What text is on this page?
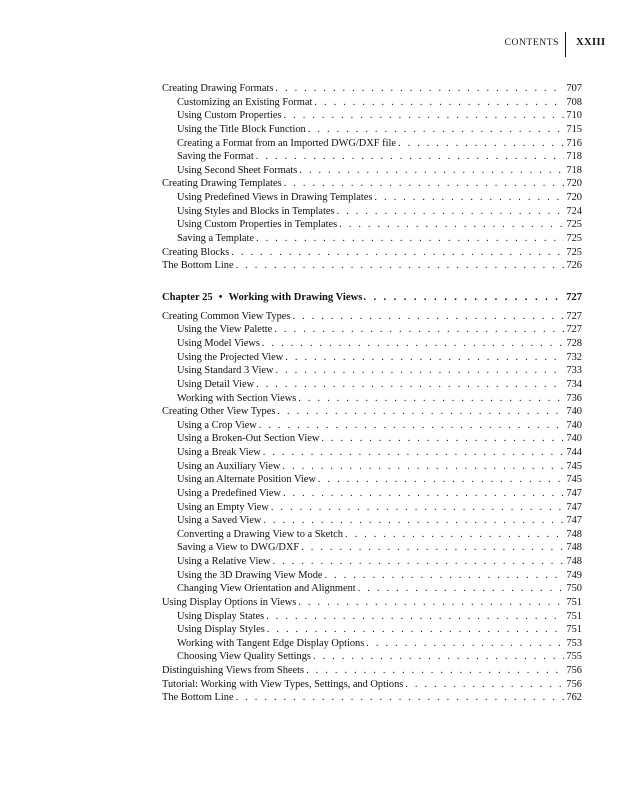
CONTENTS XXIII
Creating Drawing Formats . . .	707
Customizing an Existing Format . . .	708
Using Custom Properties . . .	710
Using the Title Block Function . . .	715
Creating a Format from an Imported DWG/DXF file . . .	716
Saving the Format . . .	718
Using Second Sheet Formats . . .	718
Creating Drawing Templates . . .	720
Using Predefined Views in Drawing Templates . . .	720
Using Styles and Blocks in Templates . . .	724
Using Custom Properties in Templates . . .	725
Saving a Template . . .	725
Creating Blocks . . .	725
The Bottom Line . . .	726
Chapter 25 • Working with Drawing Views . . .	727
Creating Common View Types . . .	727
Using the View Palette . . .	727
Using Model Views . . .	728
Using the Projected View . . .	732
Using Standard 3 View . . .	733
Using Detail View . . .	734
Working with Section Views . . .	736
Creating Other View Types . . .	740
Using a Crop View . . .	740
Using a Broken-Out Section View . . .	740
Using a Break View . . .	744
Using an Auxiliary View . . .	745
Using an Alternate Position View . . .	745
Using a Predefined View . . .	747
Using an Empty View . . .	747
Using a Saved View . . .	747
Converting a Drawing View to a Sketch . . .	748
Saving a View to DWG/DXF . . .	748
Using a Relative View . . .	748
Using the 3D Drawing View Mode . . .	749
Changing View Orientation and Alignment . . .	750
Using Display Options in Views . . .	751
Using Display States . . .	751
Using Display Styles . . .	751
Working with Tangent Edge Display Options . . .	753
Choosing View Quality Settings . . .	755
Distinguishing Views from Sheets . . .	756
Tutorial: Working with View Types, Settings, and Options . . .	756
The Bottom Line . . .	762
